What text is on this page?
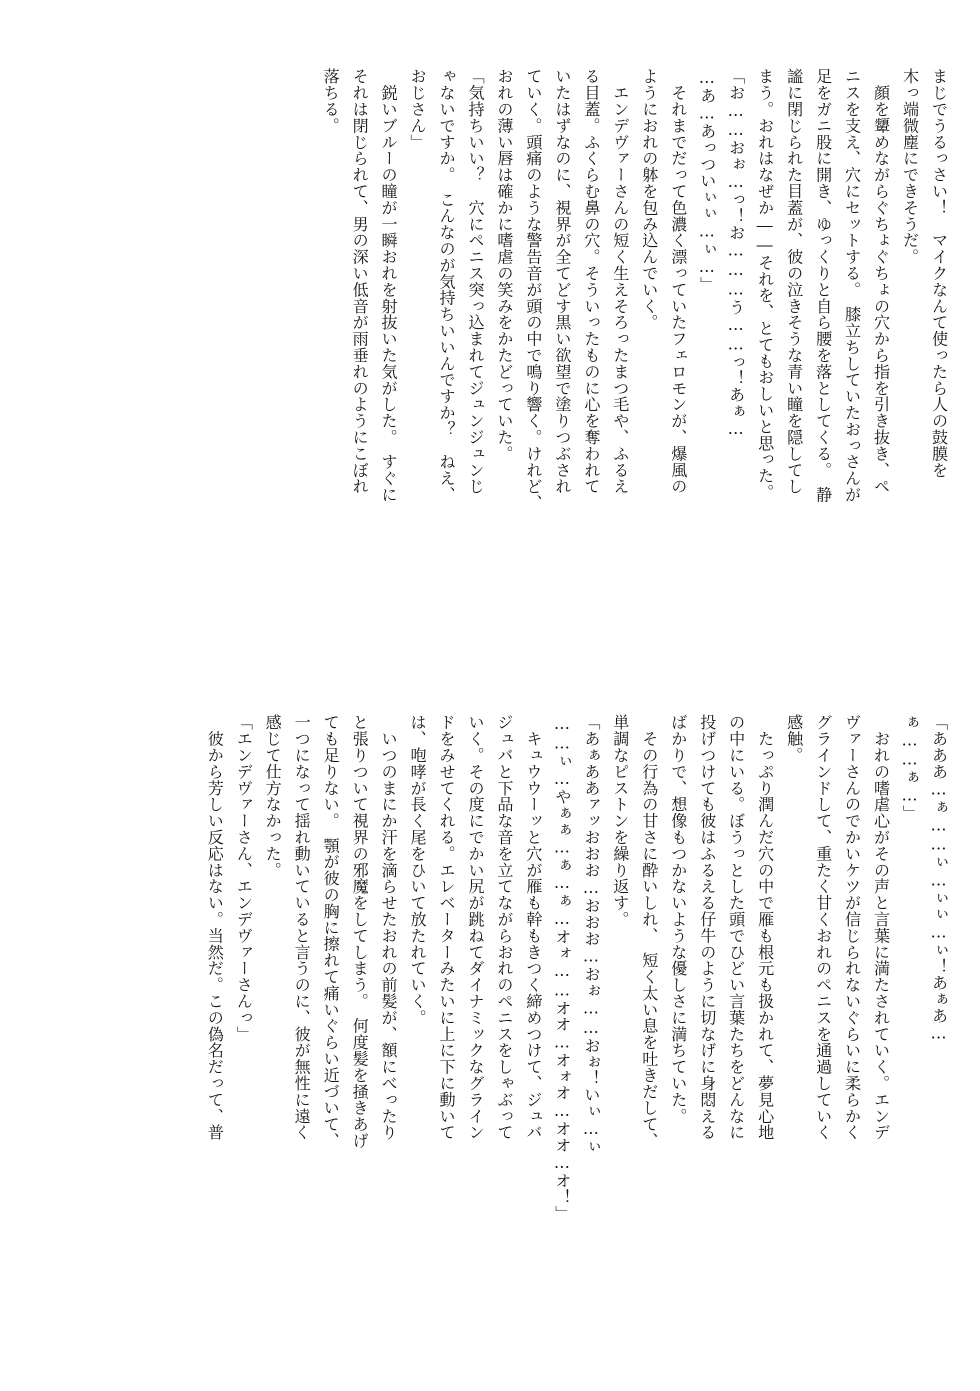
まじでうるっさい！　マイクなんて使ったら人の鼓膜を
木っ端微塵にできそうだ。
　顔を顰めながらぐちょぐちょの穴から指を引き抜き、ペ
ニスを支え、穴にセットする。　膝立ちしていたおっさんが
足をガニ股に開き、ゆっくりと自ら腰を落としてくる。　静
謐に閉じられた目蓋が、彼の泣きそうな青い瞳を隠してし
まう。おれはなぜか――それを、とてもおしいと思った。
「お……おぉ…っ！お………う……っ！あぁ…
…あ…あっついぃぃ…ぃ…」
　それまでだって色濃く漂っていたフェロモンが、爆風の
ようにおれの躰を包み込んでいく。
　エンデヴァーさんの短く生えそろったまつ毛や、ふるえ
る目蓋。ふくらむ鼻の穴。そういったものに心を奪われて
いたはずなのに、視界が全てどす黒い欲望で塗りつぶされ
ていく。頭痛のような警告音が頭の中で鳴り響く。けれど、
おれの薄い唇は確かに嗜虐の笑みをかたどっていた。
「気持ちいい？　穴にペニス突っ込まれてジュンジュンじ
ゃないですか。　こんなのが気持ちいいんですか？　ねえ、
おじさん」
　鋭いブルーの瞳が一瞬おれを射抜いた気がした。　すぐに
それは閉じられて、男の深い低音が雨垂れのようにこぼれ
落ちる。
「あああ…ぁ……ぃ…ぃぃ…ぃ！あぁあ…
ぁ……ぁ…」
　おれの嗜虐心がその声と言葉に満たされていく。エンデ
ヴァーさんのでかいケツが信じられないぐらいに柔らかく
グラインドして、重たく甘くおれのペニスを通過していく
感触。
　たっぷり潤んだ穴の中で雁も根元も扱かれて、夢見心地
の中にいる。ぼうっとした頭でひどい言葉たちをどんなに
投げつけても彼はふるえる仔牛のように切なげに身悶える
ばかりで、想像もつかないような優しさに満ちていた。
　その行為の甘さに酔いしれ、　短く太い息を吐きだして、
単調なピストンを繰り返す。
「あぁああァッおおお…おおお…おぉ……おぉ！いぃ…ぃ
……ぃ…やぁぁ…ぁ…ぁ…オォ……オオ…オォオ…オオ…オ！」
　キュウウーッと穴が雁も幹もきつく締めつけて、ジュバ
ジュバと下品な音を立てながらおれのペニスをしゃぶって
いく。その度にでかい尻が跳ねてダイナミックなグライン
ドをみせてくれる。エレベーターみたいに上に下に動いて
は、咆哮が長く尾をひいて放たれていく。
　いつのまにか汗を滴らせたおれの前髪が、額にべったり
と張りついて視界の邪魔をしてしまう。　何度髪を掻きあげ
ても足りない。　顎が彼の胸に擦れて痛いぐらい近づいて、
一つになって揺れ動いていると言うのに、彼が無性に遠く
感じて仕方なかった。
「エンデヴァーさん、エンデヴァーさんっ」
　彼から芳しい反応はない。当然だ。この偽名だって、普
